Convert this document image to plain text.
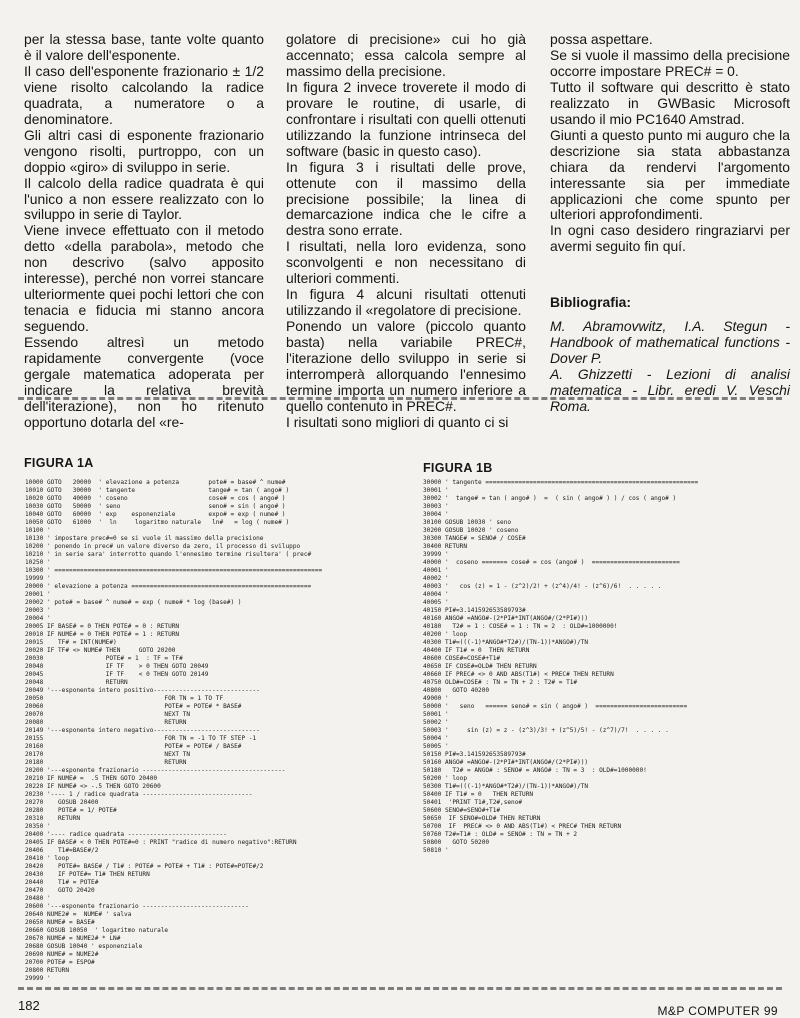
per la stessa base, tante volte quanto è il valore dell'esponente.

Il caso dell'esponente frazionario ± 1/2 viene risolto calcolando la radice quadrata, a numeratore o a denominatore.

Gli altri casi di esponente frazionario vengono risolti, purtroppo, con un doppio «giro» di sviluppo in serie.

Il calcolo della radice quadrata è qui l'unico a non essere realizzato con lo sviluppo in serie di Taylor.

Viene invece effettuato con il metodo detto «della parabola», metodo che non descrivo (salvo apposito interesse), perché non vorrei stancare ulteriormente quei pochi lettori che con tenacia e fiducia mi stanno ancora seguendo.

Essendo altresì un metodo rapidamente convergente (voce gergale matematica adoperata per indicare la relativa brevità dell'iterazione), non ho ritenuto opportuno dotarla del «re-

golatore di precisione» cui ho già accennato; essa calcola sempre al massimo della precisione.

In figura 2 invece troverete il modo di provare le routine, di usarle, di confrontare i risultati con quelli ottenuti utilizzando la funzione intrinseca del software (basic in questo caso).

In figura 3 i risultati delle prove, ottenute con il massimo della precisione possibile; la linea di demarcazione indica che le cifre a destra sono errate.

I risultati, nella loro evidenza, sono sconvolgenti e non necessitano di ulteriori commenti.

In figura 4 alcuni risultati ottenuti utilizzando il «regolatore di precisione.

Ponendo un valore (piccolo quanto basta) nella variabile PREC#, l'iterazione dello sviluppo in serie si interromperà allorquando l'ennesimo termine importa un numero inferiore a quello contenuto in PREC#.

I risultati sono migliori di quanto ci si

possa aspettare.

Se si vuole il massimo della precisione occorre impostare PREC# = 0.

Tutto il software qui descritto è stato realizzato in GWBasic Microsoft usando il mio PC1640 Amstrad.

Giunti a questo punto mi auguro che la descrizione sia stata abbastanza chiara da rendervi l'argomento interessante sia per immediate applicazioni che come spunto per ulteriori approfondimenti.

In ogni caso desidero ringraziarvi per avermi seguito fin quí.

Bibliografia:

M. Abramovwitz, I.A. Stegun - Handbook of mathematical functions - Dover P.

A. Ghizzetti - Lezioni di analisi matematica - Libr. eredi V. Veschi Roma.

FIGURA 1A
10000 GOTO   20000  ' elevazione a potenza        pote# = base# ^ nume#
10010 GOTO   30000  ' tangente                    tange# = tan ( ango# )
10020 GOTO   40000  ' coseno                      cose# = cos ( ango# )
10030 GOTO   50000  ' seno                        seno# = sin ( ango# )
10040 GOTO   60000  ' exp    esponenziale         expo# = exp ( nume# )
10050 GOTO   61000  '  ln     logaritmo naturale   ln#   = log ( nume# )
10100 '
10130 ' impostare prec#=0 se si vuole il massimo della precisione
10200 ' ponendo in prec# un valore diverso da zero, il processo di sviluppo
10210 ' in serie sara' interrotto quando l'ennesimo termine risultera' ( prec#
10250 '
10300 ' =========================================================================
19999 '
20000 ' elevazione a potenza =================================================
20001 '
20002 ' pote# = base# ^ nume# = exp ( nume# * log (base#) )
20003 '
20004 '
20005 IF BASE# = 0 THEN POTE# = 0 : RETURN
20010 IF NUME# = 0 THEN POTE# = 1 : RETURN
20015    TF# = INT(NUME#)
20020 IF TF# <> NUME# THEN     GOTO 20200
20030                 POTE# = 1  : TF = TF#
20040                 IF TF    > 0 THEN GOTO 20049
20045                 IF TF    < 0 THEN GOTO 20149
20048                 RETURN
20049 '---esponente intero positivo-----------------------------
20050                                 FOR TN = 1 TO TF
20060                                 POTE# = POTE# * BASE#
20070                                 NEXT TN
20080                                 RETURN
20149 '---esponente intero negativo-----------------------------
20155                                 FOR TN = -1 TO TF STEP -1
20160                                 POTE# = POTE# / BASE#
20170                                 NEXT TN
20180                                 RETURN
20200 '---esponente frazionario ---------------------------------------
20210 IF NUME# =  .5 THEN GOTO 20400
20220 IF NUME# <> -.5 THEN GOTO 20600
20230 '---- 1 / radice quadrata ------------------------------
20270    GOSUB 20400
20280    POTE# = 1/ POTE#
20310    RETURN
20350 '
20400 '---- radice quadrata ---------------------------
20405 IF BASE# < 0 THEN POTE#=0 : PRINT "radice di numero negativo":RETURN
20406    T1#=BASE#/2
20410 ' loop
20420    POTE#= BASE# / T1# : POTE# = POTE# + T1# : POTE#=POTE#/2
20430    IF POTE#= T1# THEN RETURN
20440    T1# = POTE#
20470    GOTO 20420
20480 '
20600 '---esponente frazionario -----------------------------
20640 NUME2# =  NUME# ' salva
20650 NUME# = BASE#
20660 GOSUB 10050  ' logaritmo naturale
20670 NUME# = NUME2# * LN#
20680 GOSUB 10040 ' esponenziale
20690 NUME# = NUME2#
20700 POTE# = ESPO#
20800 RETURN
29999 '
FIGURA 1B
30000 ' tangente ==========================================================
30001 '
30002 '  tange# = tan ( ango# )  =  ( sin ( ango# ) ) / cos ( ango# )
30003 '
30004 '
30100 GOSUB 10030 ' seno
30200 GOSUB 10020 ' coseno
30300 TANGE# = SENO# / COSE#
30400 RETURN
39999 '
40000 '  coseno ======= cose# = cos (ango# )  ========================
40001 '
40002 '
40003 '   cos (z) = 1 - (z^2)/2! + (z^4)/4! - (z^6)/6!  . . . . .
40004 '
40005 '
40150 PI#=3.141592653589793#
40160 ANGO# =ANGO#-(2*PI#*INT(ANGO#/(2*PI#)))
40180   T2# = 1 : COSE# = 1 : TN = 2  : OLD#=1000000!
40200 ' loop
40300 T1#=(((-1)*ANGO#*T2#)/(TN-1))*ANGO#)/TN
40400 IF T1# = 0  THEN RETURN
40600 COSE#=COSE#+T1#
40650 IF COSE#=OLD# THEN RETURN
40660 IF PREC# <> 0 AND ABS(T1#) < PREC# THEN RETURN
40750 OLD#=COSE# : TN = TN + 2 : T2# = T1#
40800   GOTO 40200
49000 '
50000 '   seno   ====== seno# = sin ( ango# )  =========================
50001 '
50002 '
50003 '     sin (z) = z - (z^3)/3! + (z^5)/5! - (z^7)/7!  . . . . .
50004 '
50005 '
50150 PI#=3.141592653589793#
50160 ANGO# =ANGO#-(2*PI#*INT(ANGO#/(2*PI#)))
50180   T2# = ANGO# : SENO# = ANGO# : TN = 3  : OLD#=1000000!
50200 ' loop
50300 T1#=(((-1)*ANGO#*T2#)/(TN-1))*ANGO#)/TN
50400 IF T1# = 0   THEN RETURN
50401  'PRINT T1#,T2#,seno#
50600 SENO#=SENO#+T1#
50650  IF SENO#=OLD# THEN RETURN
50700  IF  PREC# <> 0 AND ABS(T1#) < PREC# THEN RETURN
50760 T2#=T1# : OLD# = SENO# : TN = TN + 2
50800   GOTO 50200
50810 '
182	M&P COMPUTER 99
